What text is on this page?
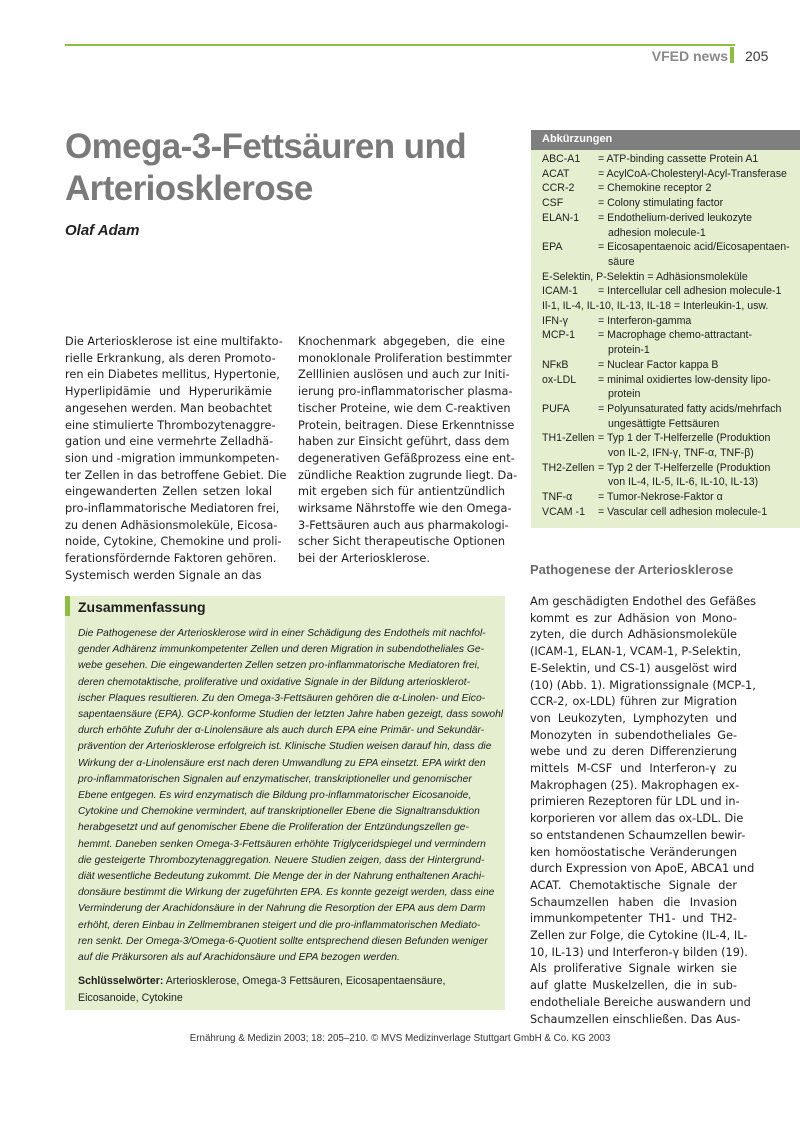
VFED news 205
Omega-3-Fettsäuren und
Arteriosklerose
Olaf Adam
Die Arteriosklerose ist eine multifakto-
rielle Erkrankung, als deren Promoto-
ren ein Diabetes mellitus, Hypertonie,
Hyperlipidämie und Hyperurikämie
angesehen werden. Man beobachtet
eine stimulierte Thrombozytenaggre-
gation und eine vermehrte Zelladhä-
sion und -migration immunkompeten-
ter Zellen in das betroffene Gebiet. Die
eingewanderten Zellen setzen lokal
pro-inflammatorische Mediatoren frei,
zu denen Adhäsionsmoleküle, Eicosa-
noide, Cytokine, Chemokine und proli-
ferationsfördernde Faktoren gehören.
Systemisch werden Signale an das
Knochenmark abgegeben, die eine
monoklonale Proliferation bestimmter
Zelllinien auslösen und auch zur Initi-
ierung pro-inflammatorischer plasma-
tischer Proteine, wie dem C-reaktiven
Protein, beitragen. Diese Erkenntnisse
haben zur Einsicht geführt, dass dem
degenerativen Gefäßprozess eine ent-
zündliche Reaktion zugrunde liegt. Da-
mit ergeben sich für antientzündlich
wirksame Nährstoffe wie den Omega-
3-Fettsäuren auch aus pharmakologi-
scher Sicht therapeutische Optionen
bei der Arteriosklerose.
Abkürzungen
ABC-A1	= ATP-binding cassette Protein A1
ACAT	= AcylCoA-Cholesteryl-Acyl-Transferase
CCR-2	= Chemokine receptor 2
CSF	= Colony stimulating factor
ELAN-1	= Endothelium-derived leukozyte
adhesion molecule-1
EPA	= Eicosapentaenoic acid/Eicosapentaen-
säure
E-Selektin, P-Selektin = Adhäsionsmoleküle
ICAM-1	= Intercellular cell adhesion molecule-1
Il-1, IL-4, IL-10, IL-13, IL-18 = Interleukin-1, usw.
IFN-γ	= Interferon-gamma
MCP-1	= Macrophage chemo-attractant-
protein-1
NFκB	= Nuclear Factor kappa B
ox-LDL	= minimal oxidiertes low-density lipo-
protein
PUFA	= Polyunsaturated fatty acids/mehrfach
ungesättigte Fettsäuren
TH1-Zellen = Typ 1 der T-Helferzelle (Produktion
von IL-2, IFN-γ, TNF-α, TNF-β)
TH2-Zellen = Typ 2 der T-Helferzelle (Produktion
von IL-4, IL-5, IL-6, IL-10, IL-13)
TNF-α	= Tumor-Nekrose-Faktor α
VCAM -1	= Vascular cell adhesion molecule-1
Pathogenese der Arteriosklerose
Am geschädigten Endothel des Gefäßes
kommt es zur Adhäsion von Mono-
zyten, die durch Adhäsionsmoleküle
(ICAM-1, ELAN-1, VCAM-1, P-Selektin,
E-Selektin, und CS-1) ausgelöst wird
(10) (Abb. 1). Migrationssignale (MCP-1,
CCR-2, ox-LDL) führen zur Migration
von Leukozyten, Lymphozyten und
Monozyten in subendotheliales Ge-
webe und zu deren Differenzierung
mittels M-CSF und Interferon-γ zu
Makrophagen (25). Makrophagen ex-
primieren Rezeptoren für LDL und in-
korporieren vor allem das ox-LDL. Die
so entstandenen Schaumzellen bewir-
ken homöostatische Veränderungen
durch Expression von ApoE, ABCA1 und
ACAT. Chemotaktische Signale der
Schaumzellen haben die Invasion
immunkompetenter TH1- und TH2-
Zellen zur Folge, die Cytokine (IL-4, IL-
10, IL-13) und Interferon-γ bilden (19).
Als proliferative Signale wirken sie
auf glatte Muskelzellen, die in sub-
endotheliale Bereiche auswandern und
Schaumzellen einschließen. Das Aus-
Zusammenfassung
Die Pathogenese der Arteriosklerose wird in einer Schädigung des Endothels mit nachfol-
gender Adhärenz immunkompetenter Zellen und deren Migration in subendotheliales Ge-
webe gesehen. Die eingewanderten Zellen setzen pro-inflammatorische Mediatoren frei,
deren chemotaktische, proliferative und oxidative Signale in der Bildung arteriosklerot-
ischer Plaques resultieren. Zu den Omega-3-Fettsäuren gehören die α-Linolen- und Eico-
sapentaensäure (EPA). GCP-konforme Studien der letzten Jahre haben gezeigt, dass sowohl
durch erhöhte Zufuhr der α-Linolensäure als auch durch EPA eine Primär- und Sekundär-
prävention der Arteriosklerose erfolgreich ist. Klinische Studien weisen darauf hin, dass die
Wirkung der α-Linolensäure erst nach deren Umwandlung zu EPA einsetzt. EPA wirkt den
pro-inflammatorischen Signalen auf enzymatischer, transkriptioneller und genomischer
Ebene entgegen. Es wird enzymatisch die Bildung pro-inflammatorischer Eicosanoide,
Cytokine und Chemokine vermindert, auf transkriptioneller Ebene die Signaltransduktion
herabgesetzt und auf genomischer Ebene die Proliferation der Entzündungszellen ge-
hemmt. Daneben senken Omega-3-Fettsäuren erhöhte Triglyceridspiegel und vermindern
die gesteigerte Thrombozytenaggregation. Neuere Studien zeigen, dass der Hintergrund-
diät wesentliche Bedeutung zukommt. Die Menge der in der Nahrung enthaltenen Arachi-
donsäure bestimmt die Wirkung der zugeführten EPA. Es konnte gezeigt werden, dass eine
Verminderung der Arachidonsäure in der Nahrung die Resorption der EPA aus dem Darm
erhöht, deren Einbau in Zellmembranen steigert und die pro-inflammatorischen Mediato-
ren senkt. Der Omega-3/Omega-6-Quotient sollte entsprechend diesen Befunden weniger
auf die Präkursoren als auf Arachidonsäure und EPA bezogen werden.
Schlüsselwörter: Arteriosklerose, Omega-3 Fettsäuren, Eicosapentaensäure,
Eicosanoide, Cytokine
Ernährung & Medizin 2003; 18: 205–210. © MVS Medizinverlage Stuttgart GmbH & Co. KG 2003
